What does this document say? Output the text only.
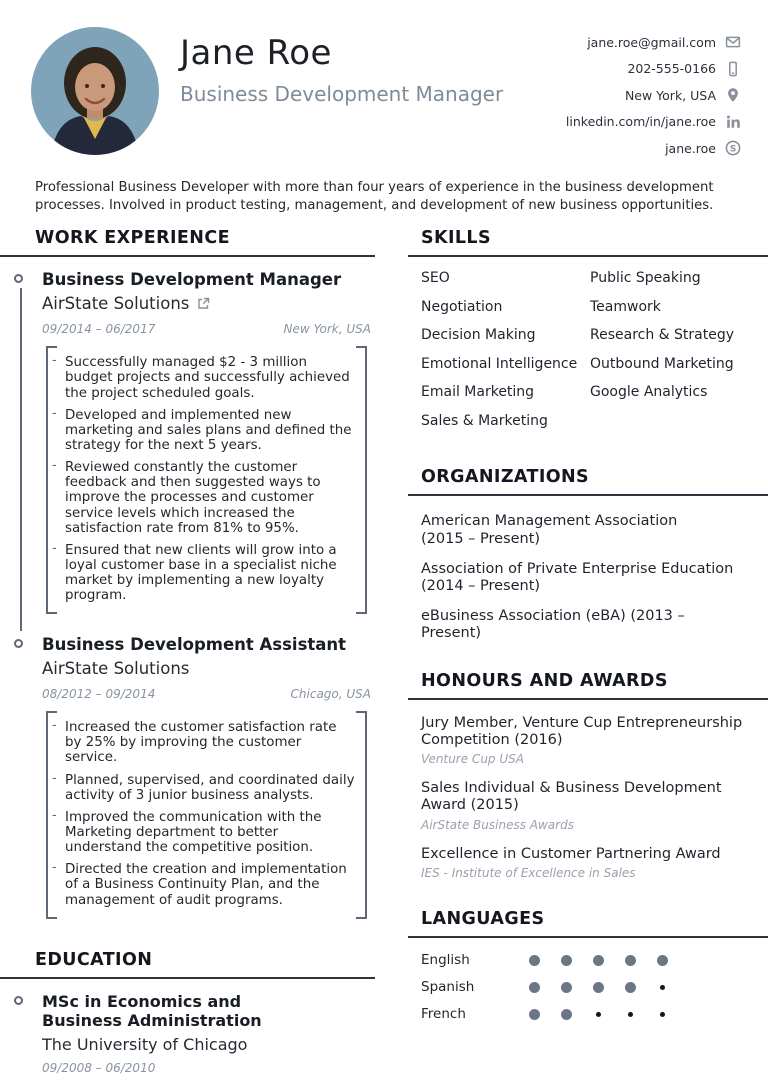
Jane Roe
Business Development Manager
jane.roe@gmail.com
202-555-0166
New York, USA
linkedin.com/in/jane.roe
jane.roe S
Professional Business Developer with more than four years of experience in the business development processes. Involved in product testing, management, and development of new business opportunities.
WORK EXPERIENCE
Business Development Manager
AirState Solutions
09/2014 – 06/2017	New York, USA
- Successfully managed $2 - 3 million budget projects and successfully achieved the project scheduled goals.
- Developed and implemented new marketing and sales plans and defined the strategy for the next 5 years.
- Reviewed constantly the customer feedback and then suggested ways to improve the processes and customer service levels which increased the satisfaction rate from 81% to 95%.
- Ensured that new clients will grow into a loyal customer base in a specialist niche market by implementing a new loyalty program.
Business Development Assistant
AirState Solutions
08/2012 – 09/2014	Chicago, USA
- Increased the customer satisfaction rate by 25% by improving the customer service.
- Planned, supervised, and coordinated daily activity of 3 junior business analysts.
- Improved the communication with the Marketing department to better understand the competitive position.
- Directed the creation and implementation of a Business Continuity Plan, and the management of audit programs.
EDUCATION
MSc in Economics and Business Administration
The University of Chicago
09/2008 – 06/2010
SKILLS
SEO
Negotiation
Decision Making
Emotional Intelligence
Email Marketing
Sales & Marketing
Public Speaking
Teamwork
Research & Strategy
Outbound Marketing
Google Analytics
ORGANIZATIONS
American Management Association
(2015 – Present)
Association of Private Enterprise Education
(2014 – Present)
eBusiness Association (eBA) (2013 – Present)
HONOURS AND AWARDS
Jury Member, Venture Cup Entrepreneurship Competition (2016)
Venture Cup USA
Sales Individual & Business Development Award (2015)
AirState Business Awards
Excellence in Customer Partnering Award
IES - Institute of Excellence in Sales
LANGUAGES
English
Spanish
French
